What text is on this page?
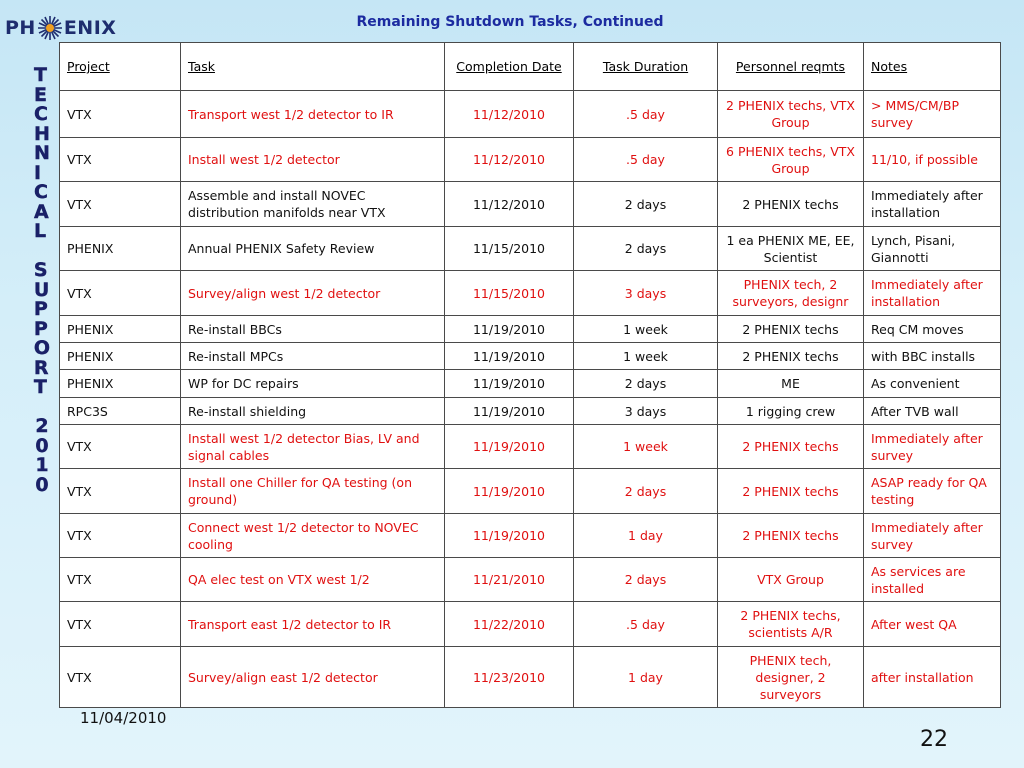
PH ENIX	Remaining Shutdown Tasks, Continued
T
E
C
H
N
I
C
A
L
S
U
P
P
O
R
T
2
0
1
0
Project	Task	Completion Date	Task Duration	Personnel reqmts	Notes
VTX	Transport west 1/2 detector to IR	11/12/2010	.5 day	2 PHENIX techs, VTX Group	> MMS/CM/BP survey
VTX	Install west 1/2 detector	11/12/2010	.5 day	6 PHENIX techs, VTX Group	11/10, if possible
VTX	Assemble and install NOVEC distribution manifolds near VTX	11/12/2010	2 days	2 PHENIX techs	Immediately after installation
PHENIX	Annual PHENIX Safety Review	11/15/2010	2 days	1 ea PHENIX ME, EE, Scientist	Lynch, Pisani, Giannotti
VTX	Survey/align west 1/2 detector	11/15/2010	3 days	PHENIX tech, 2 surveyors, designr	Immediately after installation
PHENIX	Re-install BBCs	11/19/2010	1 week	2 PHENIX techs	Req CM moves
PHENIX	Re-install MPCs	11/19/2010	1 week	2 PHENIX techs	with BBC installs
PHENIX	WP for DC repairs	11/19/2010	2 days	ME	As convenient
RPC3S	Re-install shielding	11/19/2010	3 days	1 rigging crew	After TVB wall
VTX	Install west 1/2 detector Bias, LV and signal cables	11/19/2010	1 week	2 PHENIX techs	Immediately after survey
VTX	Install one Chiller for QA testing (on ground)	11/19/2010	2 days	2 PHENIX techs	ASAP ready for QA testing
VTX	Connect west 1/2 detector to NOVEC cooling	11/19/2010	1 day	2 PHENIX techs	Immediately after survey
VTX	QA elec test on VTX west 1/2	11/21/2010	2 days	VTX Group	As services are installed
VTX	Transport east 1/2 detector to IR	11/22/2010	.5 day	2 PHENIX techs, scientists A/R	After west QA
VTX	Survey/align east 1/2 detector	11/23/2010	1 day	PHENIX tech, designer, 2 surveyors	after installation
11/04/2010
22
